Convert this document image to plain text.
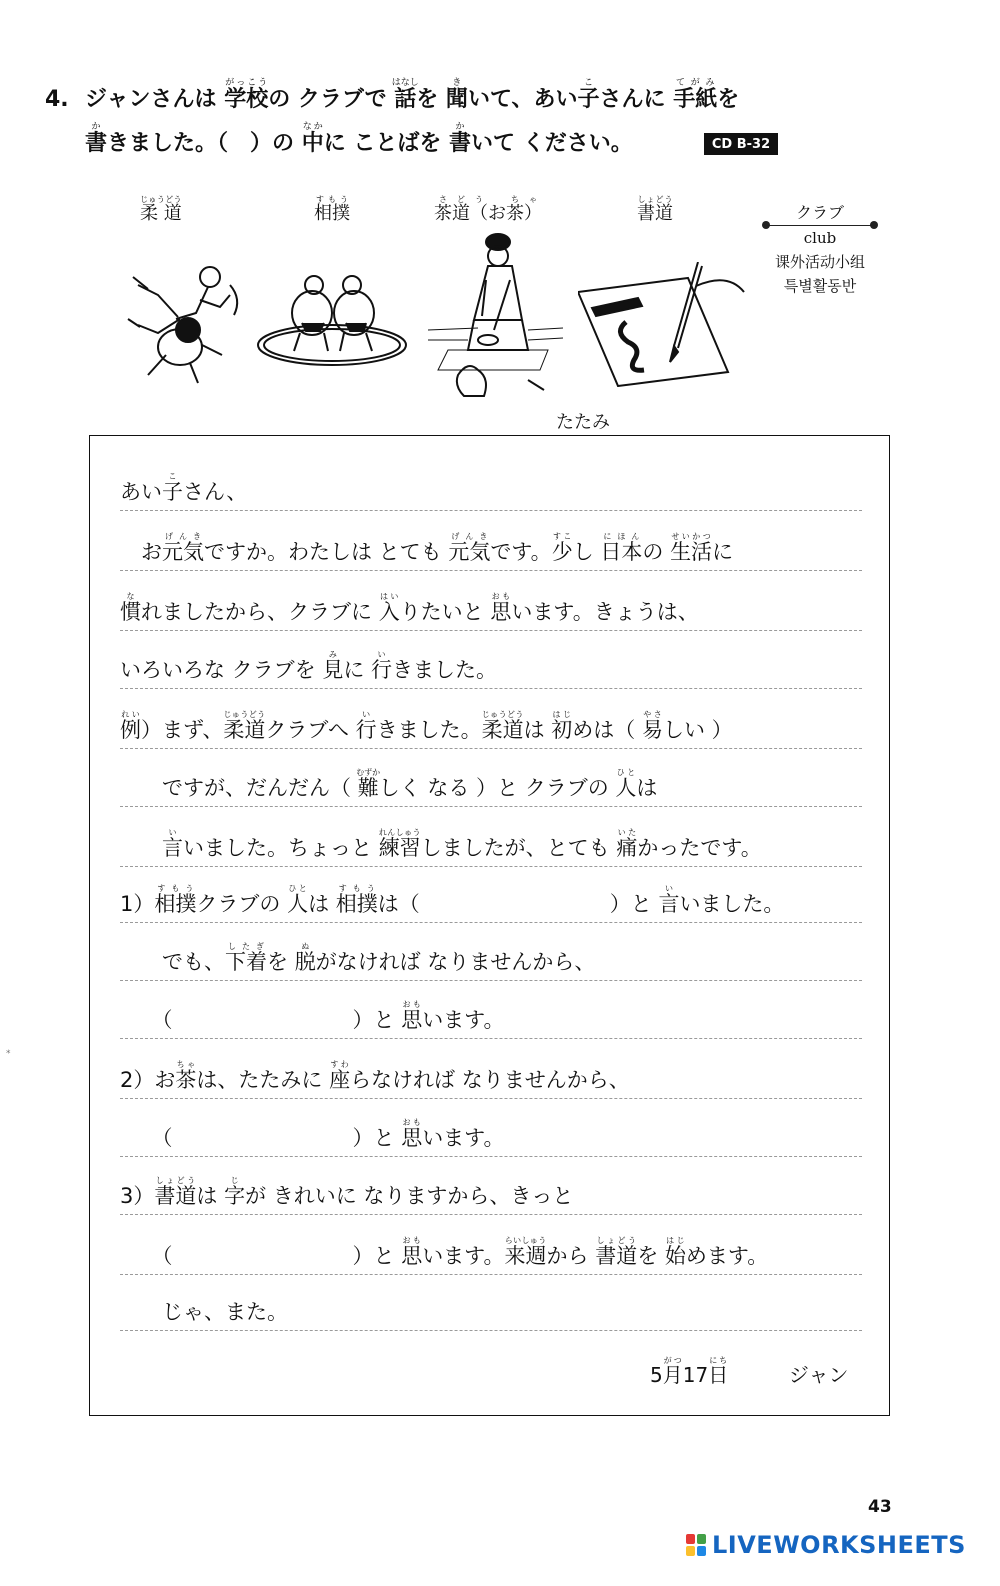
4. ジャンさんは 学校がっこうの クラブで 話はなしを 聞きいて、あい子こさんに 手紙てがみを
書かきました。（　）の 中なかに ことばを 書かいて ください。	CD B-32
柔 道じゅうどう
相撲すもう
茶道（お茶）さどう　ちゃ
書道しょどう
クラブ
club
课外活动小组
특별활동반
たたみ
あい子こさん、
　お元気げんきですか。わたしは とても 元気げんきです。少すこし 日本にほんの 生活せいかつに
慣なれましたから、クラブに 入はいりたいと 思おもいます。きょうは、
いろいろな クラブを 見みに 行いきました。
例れい）まず、柔道じゅうどうクラブへ 行いきました。柔道じゅうどうは 初はじめは（ 易やさしい ）
　　ですが、だんだん（ 難むずかしく なる ）と クラブの 人ひとは
　　言いいました。ちょっと 練習れんしゅうしましたが、とても 痛いたかったです。
1）相撲すもうクラブの 人ひとは 相撲すもうは（	）と 言いいました。
　　でも、下着したぎを 脱ぬがなければ なりませんから、
　　（	）と 思おもいます。
2）お茶ちゃは、たたみに 座すわらなければ なりませんから、
　　（	）と 思おもいます。
3）書道しょどうは 字じが きれいに なりますから、きっと
　　（	）と 思おもいます。来週らいしゅうから 書道しょどうを 始はじめます。
　　じゃ、また。
5月がつ17日にち  ジャン
*
43
LIVEWORKSHEETS
